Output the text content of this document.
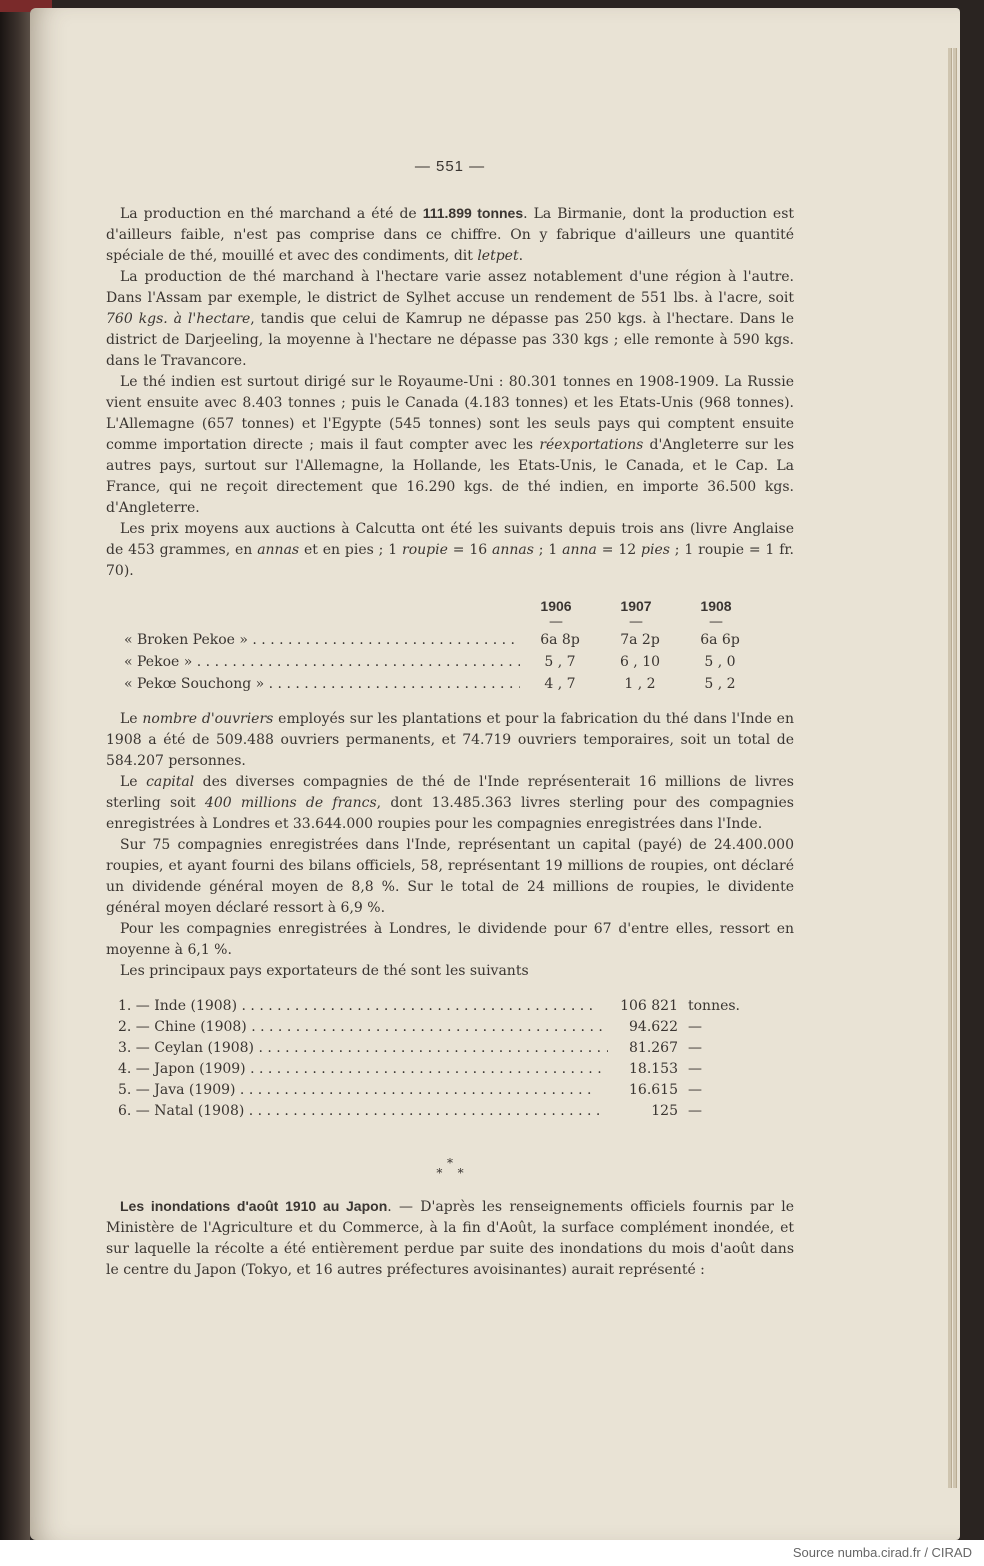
— 551 —

La production en thé marchand a été de 111.899 tonnes. La Birmanie, dont la production est d'ailleurs faible, n'est pas comprise dans ce chiffre. On y fabrique d'ailleurs une quantité spéciale de thé, mouillé et avec des condiments, dit letpet.

La production de thé marchand à l'hectare varie assez notablement d'une région à l'autre. Dans l'Assam par exemple, le district de Sylhet accuse un rendement de 551 lbs. à l'acre, soit 760 kgs. à l'hectare, tandis que celui de Kamrup ne dépasse pas 250 kgs. à l'hectare. Dans le district de Darjeeling, la moyenne à l'hectare ne dépasse pas 330 kgs ; elle remonte à 590 kgs. dans le Travancore.

Le thé indien est surtout dirigé sur le Royaume-Uni : 80.301 tonnes en 1908-1909. La Russie vient ensuite avec 8.403 tonnes ; puis le Canada (4.183 tonnes) et les Etats-Unis (968 tonnes). L'Allemagne (657 tonnes) et l'Egypte (545 tonnes) sont les seuls pays qui comptent ensuite comme importation directe ; mais il faut compter avec les réexportations d'Angleterre sur les autres pays, surtout sur l'Allemagne, la Hollande, les Etats-Unis, le Canada, et le Cap. La France, qui ne reçoit directement que 16.290 kgs. de thé indien, en importe 36.500 kgs. d'Angleterre.

Les prix moyens aux auctions à Calcutta ont été les suivants depuis trois ans (livre Anglaise de 453 grammes, en annas et en pies ; 1 roupie = 16 annas ; 1 anna = 12 pies ; 1 roupie = 1 fr. 70).

1906	1907	1908
—	—	—
« Broken Pekoe » . . .	6a 8p	7a 2p	6a 6p
« Pekoe » . . .	5 , 7	6 , 10	5 , 0
« Pekœ Souchong » . . .	4 , 7	1 , 2	5 , 2

Le nombre d'ouvriers employés sur les plantations et pour la fabrication du thé dans l'Inde en 1908 a été de 509.488 ouvriers permanents, et 74.719 ouvriers temporaires, soit un total de 584.207 personnes.

Le capital des diverses compagnies de thé de l'Inde représenterait 16 millions de livres sterling soit 400 millions de francs, dont 13.485.363 livres sterling pour des compagnies enregistrées à Londres et 33.644.000 roupies pour les compagnies enregistrées dans l'Inde.

Sur 75 compagnies enregistrées dans l'Inde, représentant un capital (payé) de 24.400.000 roupies, et ayant fourni des bilans officiels, 58, représentant 19 millions de roupies, ont déclaré un dividende général moyen de 8,8 %. Sur le total de 24 millions de roupies, le dividente général moyen déclaré ressort à 6,9 %.

Pour les compagnies enregistrées à Londres, le dividende pour 67 d'entre elles, ressort en moyenne à 6,1 %.

Les principaux pays exportateurs de thé sont les suivants

1. — Inde (1908) . . .	106 821 tonnes.
2. — Chine (1908) . . .	94.622 —
3. — Ceylan (1908) . . .	81.267 —
4. — Japon (1909) . . .	18.153 —
5. — Java (1909) . . .	16.615 —
6. — Natal (1908) . . .	125 —
*
* *

Les inondations d'août 1910 au Japon. — D'après les renseignements officiels fournis par le Ministère de l'Agriculture et du Commerce, à la fin d'Août, la surface complément inondée, et sur laquelle la récolte a été entièrement perdue par suite des inondations du mois d'août dans le centre du Japon (Tokyo, et 16 autres préfectures avoisinantes) aurait représenté :

Source numba.cirad.fr / CIRAD
